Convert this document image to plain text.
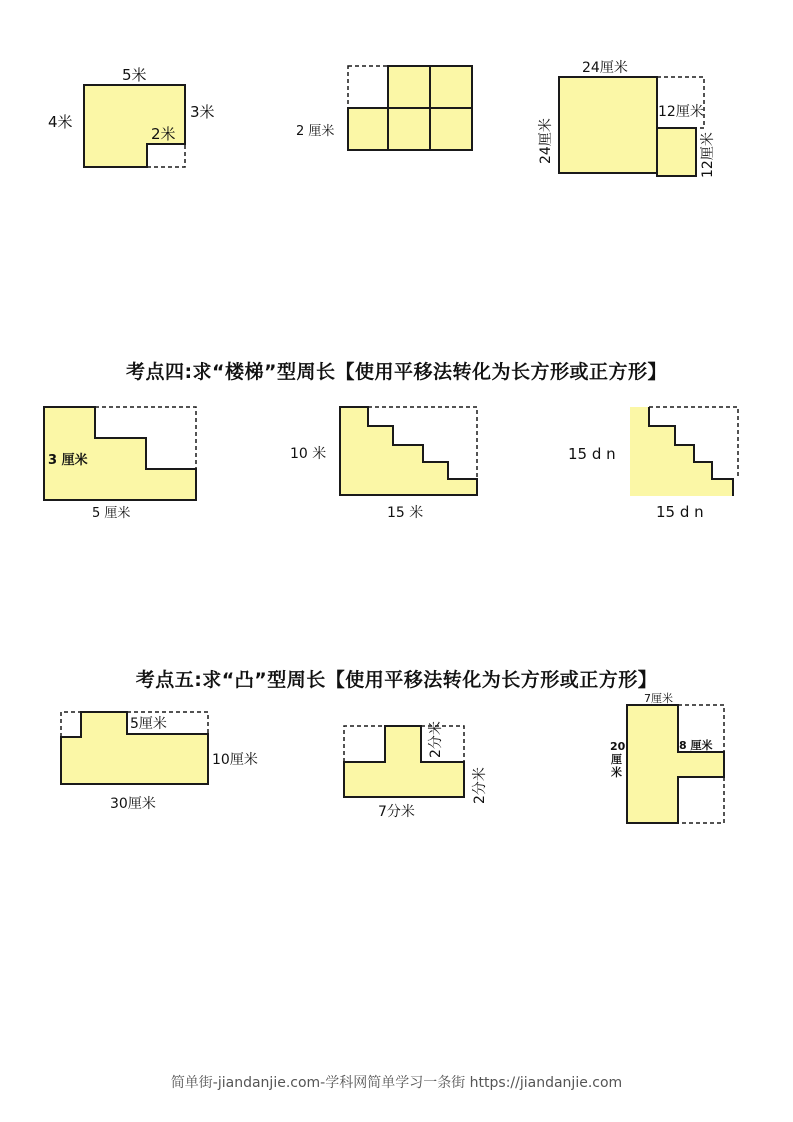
5米
4米
3米
2米	2 厘米
24厘米
24厘米
12厘米
12厘米
考点四:求“楼梯”型周长【使用平移法转化为长方形或正方形】
3 厘米
5 厘米
10 米
15 米
15 d n
15 d n
考点五:求“凸”型周长【使用平移法转化为长方形或正方形】
5厘米
10厘米
30厘米
2分米
2分米
7分米
7厘米
20
厘
米
8 厘米
简单街-jiandanjie.com-学科网简单学习一条街 https://jiandanjie.com
